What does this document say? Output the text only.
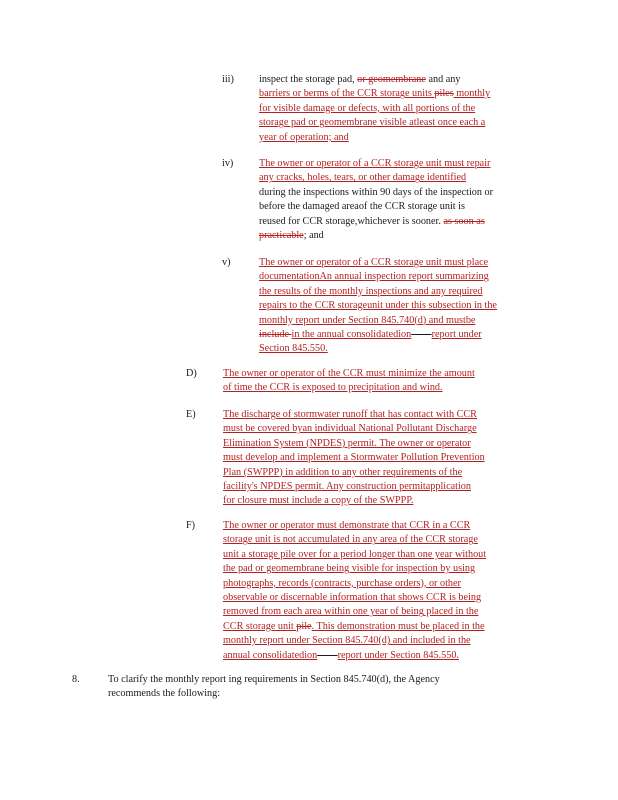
iii) inspect the storage pad, or geomembrane and any
barriers or berms of the CCR storage units piles monthly
for visible damage or defects, with all portions of the
storage pad or geomembrane visible atleast once each a
year of operation; and
iv)	The owner or operator of a CCR storage unit must repair
any cracks, holes, tears, or other damage identified
during the inspections within 90 days of the inspection or
before the damaged areaof the CCR storage unit is
reused for CCR storage,whichever is sooner. as soon as
practicable; and
v)	The owner or operator of a CCR storage unit must place
documentationAn annual inspection report summarizing
the results of the monthly inspections and any required
repairs to the CCR storageunit under this subsection in the
monthly report under Section 845.740(d) and mustbe
include in the annual consolidatedion   report under
Section 845.550.
D)	The owner or operator of the CCR must minimize the amount
of time the CCR is exposed to precipitation and wind.
E)	The discharge of stormwater runoff that has contact with CCR
must be covered byan individual National Pollutant Discharge
Elimination System (NPDES) permit. The owner or operator
must develop and implement a Stormwater Pollution Prevention
Plan (SWPPP) in addition to any other requirements of the
facility's NPDES permit. Any construction permitapplication
for closure must include a copy of the SWPPP.
F)	The owner or operator must demonstrate that CCR in a CCR
storage unit is not accumulated in any area of the CCR storage
unit a storage pile over for a period longer than one year without
the pad or geomembrane being visible for inspection by using
photographs, records (contracts, purchase orders), or other
observable or discernable information that shows CCR is being
removed from each area within one year of being placed in the
CCR storage unit pile. This demonstration must be placed in the
monthly report under Section 845.740(d) and included in the
annual consolidatedion   report under Section 845.550.
8.	To clarify the monthly report ing requirements in Section 845.740(d), the Agency
recommends the following:
